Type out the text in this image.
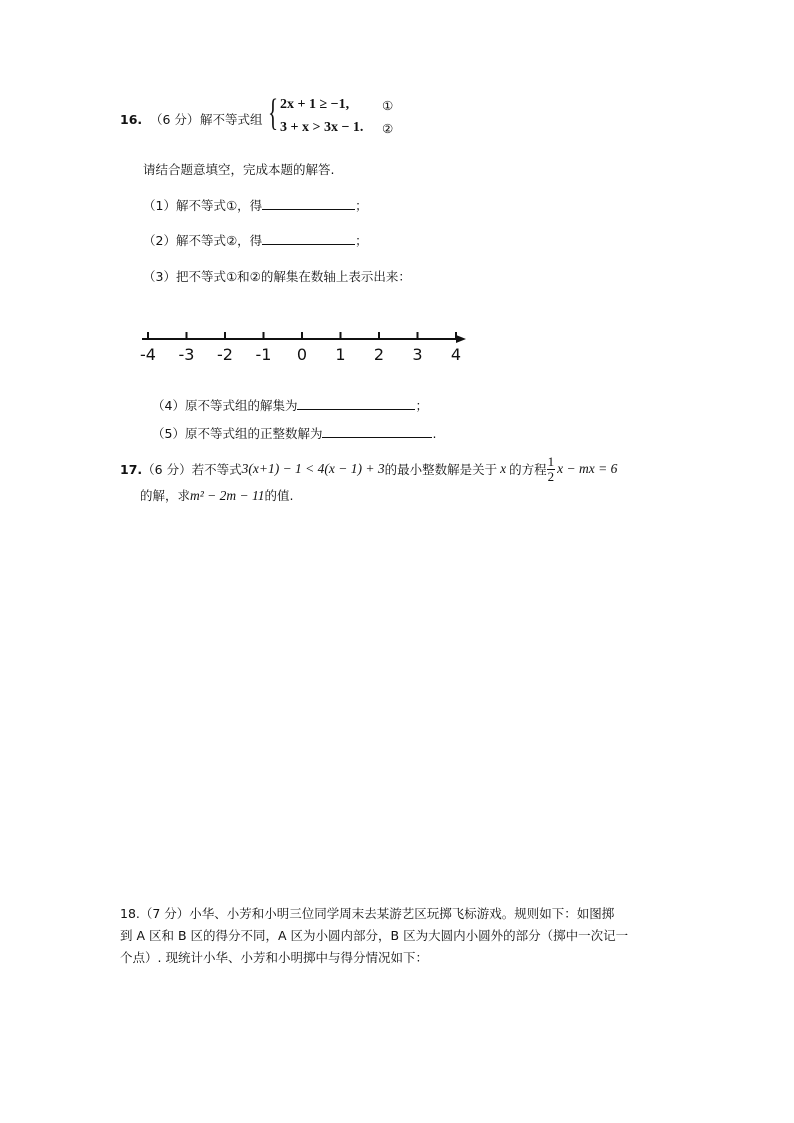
16. （6 分） 解不等式组 { 2x + 1 ≥ −1,	①
3 + x > 3x − 1. ②
请结合题意填空，完成本题的解答.
（1）解不等式①，得	；
（2）解不等式②，得	；
（3）把不等式①和②的解集在数轴上表示出来：
-4 -3 -2 -1 0 1 2 3 4
（4）原不等式组的解集为	；
（5）原不等式组的正整数解为	.
17. （6 分） 若不等式 3(x+1) − 1 < 4(x − 1) + 3 的最小整数解是关于 x 的方程 $\frac{1}{2}$ x − mx = 6
的解，求m² − 2m − 11的值.
18.（7 分）小华、小芳和小明三位同学周末去某游艺区玩掷飞标游戏。规则如下：如图掷
到 A 区和 B 区的得分不同，A 区为小圆内部分，B 区为大圆内小圆外的部分（掷中一次记一
个点）. 现统计小华、小芳和小明掷中与得分情况如下：
